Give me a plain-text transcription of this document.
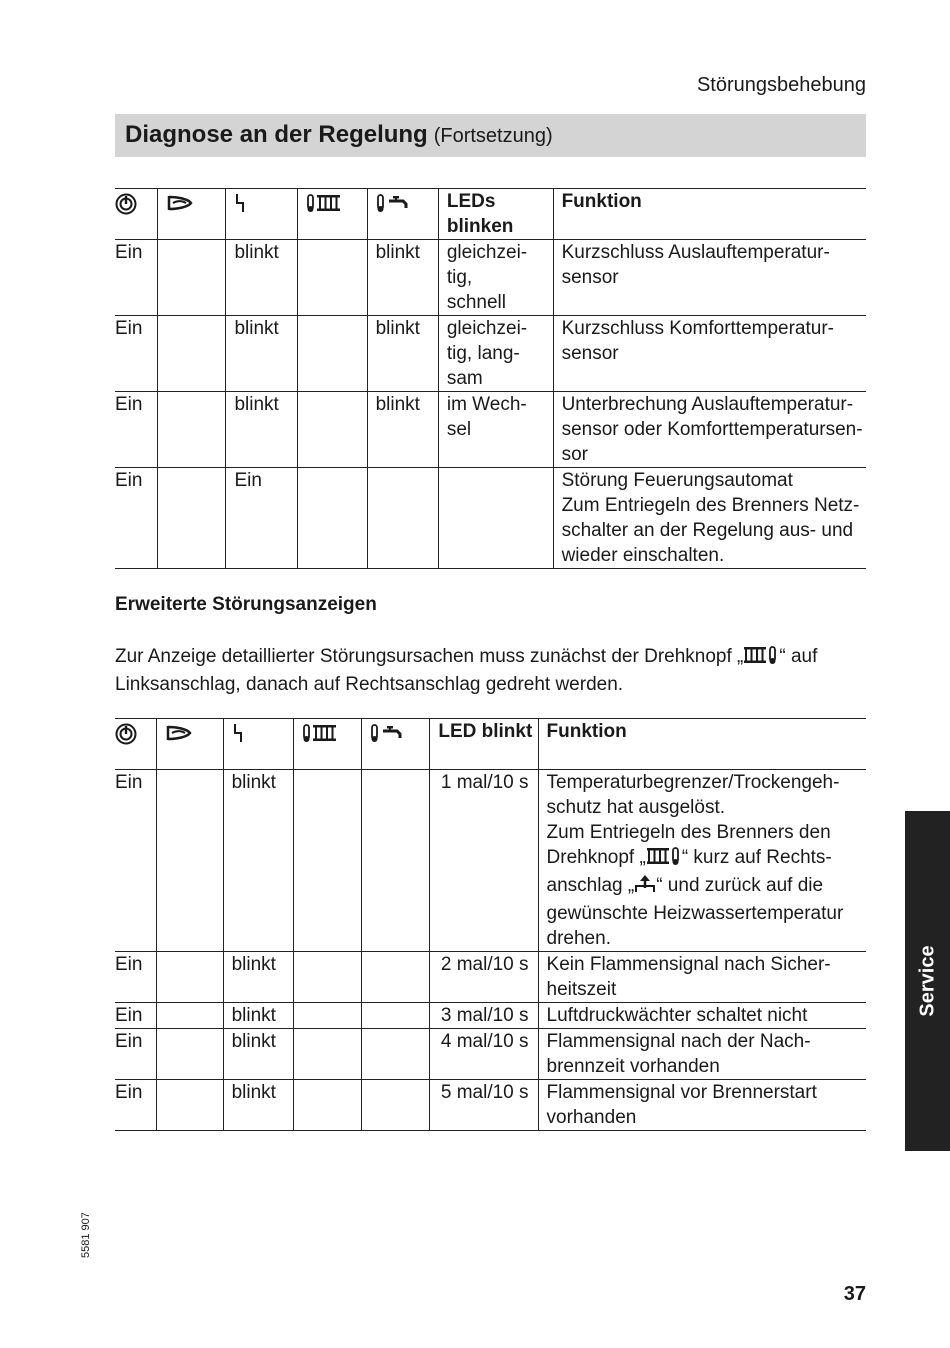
Störungsbehebung
Diagnose an der Regelung (Fortsetzung)
					LEDs blinken	Funktion
Ein		blinkt		blinkt	gleichzei-
tig,
schnell	Kurzschluss Auslauftemperatur-
sensor
Ein		blinkt		blinkt	gleichzei-
tig, lang-
sam	Kurzschluss Komforttemperatur-
sensor
Ein		blinkt		blinkt	im Wech-
sel	Unterbrechung Auslauftemperatur-
sensor oder Komforttemperatursen-
sor
Ein		Ein				Störung Feuerungsautomat
Zum Entriegeln des Brenners Netz-
schalter an der Regelung aus- und
wieder einschalten.
Erweiterte Störungsanzeigen
Zur Anzeige detaillierter Störungsursachen muss zunächst der Drehknopf „ “ auf Linksanschlag, danach auf Rechtsanschlag gedreht werden.
					LED blinkt	Funktion
Ein		blinkt			1 mal/10 s	Temperaturbegrenzer/Trockengeh-
schutz hat ausgelöst.
Zum Entriegeln des Brenners den Drehknopf „ “ kurz auf Rechts-anschlag „ “ und zurück auf die gewünschte Heizwassertemperatur drehen.
Ein		blinkt			2 mal/10 s	Kein Flammensignal nach Sicher-
heitszeit
Ein		blinkt			3 mal/10 s	Luftdruckwächter schaltet nicht
Ein		blinkt			4 mal/10 s	Flammensignal nach der Nach-
brennzeit vorhanden
Ein		blinkt			5 mal/10 s	Flammensignal vor Brennerstart
vorhanden
Service
5581 907
37
